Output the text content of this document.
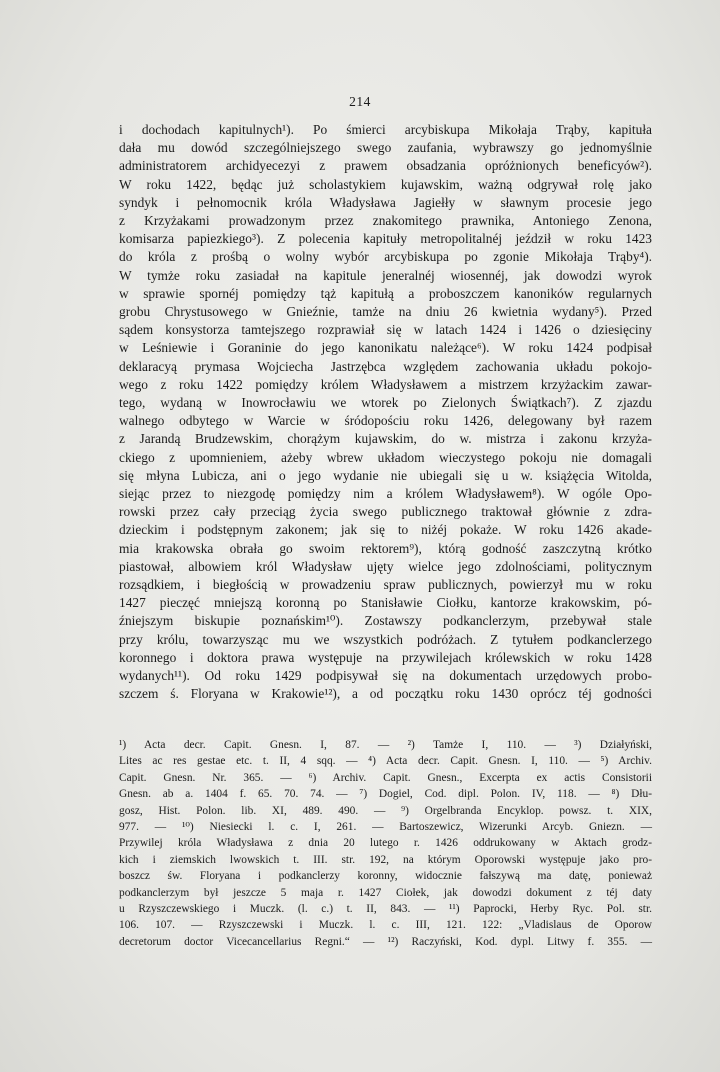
214

i dochodach kapitulnych¹). Po śmierci arcybiskupa Mikołaja Trąby, kapituła
dała mu dowód szczególniejszego swego zaufania, wybrawszy go jednomyślnie
administratorem archidyecezyi z prawem obsadzania opróżnionych beneficyów²).
W roku 1422, będąc już scholastykiem kujawskim, ważną odgrywał rolę jako
syndyk i pełnomocnik króla Władysława Jagiełły w sławnym procesie jego
z Krzyżakami prowadzonym przez znakomitego prawnika, Antoniego Zenona,
komisarza papiezkiego³). Z polecenia kapituły metropolitalnéj jeździł w roku 1423
do króla z prośbą o wolny wybór arcybiskupa po zgonie Mikołaja Trąby⁴).
W tymże roku zasiadał na kapitule jeneralnéj wiosennéj, jak dowodzi wyrok
w sprawie spornéj pomiędzy tąż kapitułą a proboszczem kanoników regularnych
grobu Chrystusowego w Gnieźnie, tamże na dniu 26 kwietnia wydany⁵). Przed
sądem konsystorza tamtejszego rozprawiał się w latach 1424 i 1426 o dziesięciny
w Leśniewie i Goraninie do jego kanonikatu należące⁶). W roku 1424 podpisał
deklaracyą prymasa Wojciecha Jastrzębca względem zachowania układu pokojo-
wego z roku 1422 pomiędzy królem Władysławem a mistrzem krzyżackim zawar-
tego, wydaną w Inowrocławiu we wtorek po Zielonych Świątkach⁷). Z zjazdu
walnego odbytego w Warcie w śródopościu roku 1426, delegowany był razem
z Jarandą Brudzewskim, chorążym kujawskim, do w. mistrza i zakonu krzyża-
ckiego z upomnieniem, ażeby wbrew układom wieczystego pokoju nie domagali
się młyna Lubicza, ani o jego wydanie nie ubiegali się u w. książęcia Witolda,
siejąc przez to niezgodę pomiędzy nim a królem Władysławem⁸). W ogóle Opo-
rowski przez cały przeciąg życia swego publicznego traktował głównie z zdra-
dzieckim i podstępnym zakonem; jak się to niżéj pokaże. W roku 1426 akade-
mia krakowska obrała go swoim rektorem⁹), którą godność zaszczytną krótko
piastował, albowiem król Władysław ujęty wielce jego zdolnościami, politycznym
rozsądkiem, i biegłością w prowadzeniu spraw publicznych, powierzył mu w roku
1427 pieczęć mniejszą koronną po Stanisławie Ciołku, kantorze krakowskim, pó-
źniejszym biskupie poznańskim¹⁰). Zostawszy podkanclerzym, przebywał stale
przy królu, towarzysząc mu we wszystkich podróżach. Z tytułem podkanclerzego
koronnego i doktora prawa występuje na przywilejach królewskich w roku 1428
wydanych¹¹). Od roku 1429 podpisywał się na dokumentach urzędowych probo-
szczem ś. Floryana w Krakowie¹²), a od początku roku 1430 oprócz téj godności

¹) Acta decr. Capit. Gnesn. I, 87. — ²) Tamże I, 110. — ³) Działyński,
Lites ac res gestae etc. t. II, 4 sqq. — ⁴) Acta decr. Capit. Gnesn. I, 110. — ⁵) Archiv.
Capit. Gnesn. Nr. 365. — ⁶) Archiv. Capit. Gnesn., Excerpta ex actis Consistorii
Gnesn. ab a. 1404 f. 65. 70. 74. — ⁷) Dogiel, Cod. dipl. Polon. IV, 118. — ⁸) Dłu-
gosz, Hist. Polon. lib. XI, 489. 490. — ⁹) Orgelbranda Encyklop. powsz. t. XIX,
977. — ¹⁰) Niesiecki l. c. I, 261. — Bartoszewicz, Wizerunki Arcyb. Gniezn. —
Przywilej króla Władysława z dnia 20 lutego r. 1426 oddrukowany w Aktach grodz-
kich i ziemskich lwowskich t. III. str. 192, na którym Oporowski występuje jako pro-
boszcz św. Floryana i podkanclerzy koronny, widocznie fałszywą ma datę, ponieważ
podkanclerzym był jeszcze 5 maja r. 1427 Ciołek, jak dowodzi dokument z téj daty
u Rzyszczewskiego i Muczk. (l. c.) t. II, 843. — ¹¹) Paprocki, Herby Ryc. Pol. str.
106. 107. — Rzyszczewski i Muczk. l. c. III, 121. 122: „Vladislaus de Oporow
decretorum doctor Vicecancellarius Regni.“ — ¹²) Raczyński, Kod. dypl. Litwy f. 355. —
